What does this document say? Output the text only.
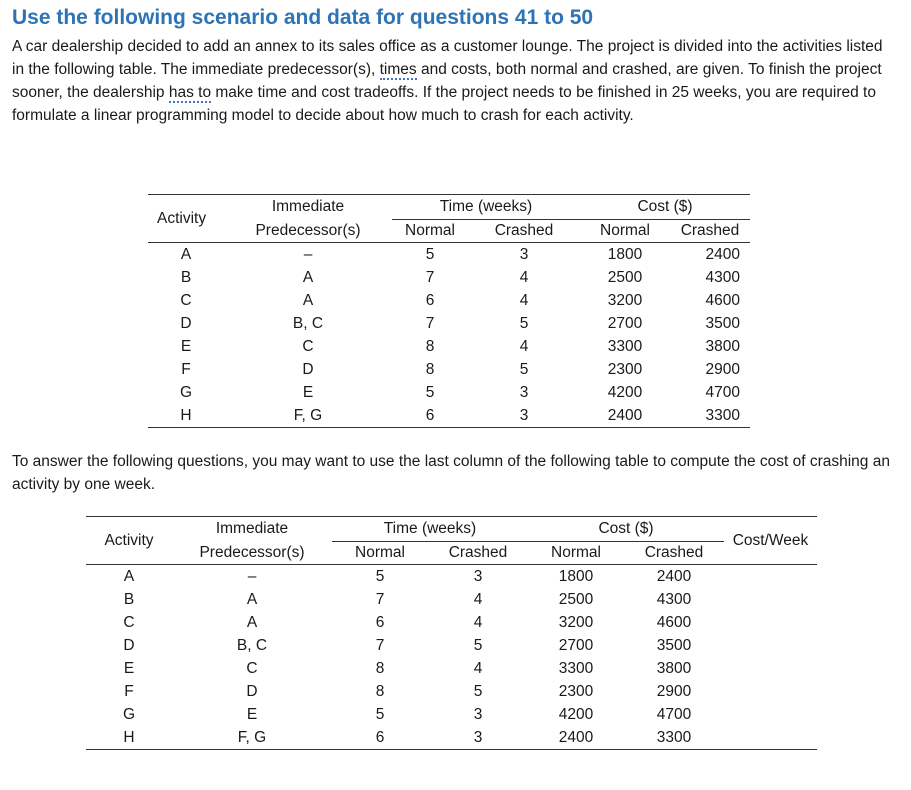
Use the following scenario and data for questions 41 to 50

A car dealership decided to add an annex to its sales office as a customer lounge. The project is divided into the activities listed in the following table. The immediate predecessor(s), times and costs, both normal and crashed, are given. To finish the project sooner, the dealership has to make time and cost tradeoffs. If the project needs to be finished in 25 weeks, you are required to formulate a linear programming model to decide about how much to crash for each activity.

Activity	Immediate	Time (weeks)		Cost ($)	
	Predecessor(s)	Normal	Crashed	Normal	Crashed
A	–	5	3	1800	2400
B	A	7	4	2500	4300
C	A	6	4	3200	4600
D	B, C	7	5	2700	3500
E	C	8	4	3300	3800
F	D	8	5	2300	2900
G	E	5	3	4200	4700
H	F, G	6	3	2400	3300

To answer the following questions, you may want to use the last column of the following table to compute the cost of crashing an activity by one week.

Activity	Immediate	Time (weeks)		Cost ($)		Cost/Week
	Predecessor(s)	Normal	Crashed	Normal	Crashed	
A	–	5	3	1800	2400	
B	A	7	4	2500	4300	
C	A	6	4	3200	4600	
D	B, C	7	5	2700	3500	
E	C	8	4	3300	3800	
F	D	8	5	2300	2900	
G	E	5	3	4200	4700	
H	F, G	6	3	2400	3300	
